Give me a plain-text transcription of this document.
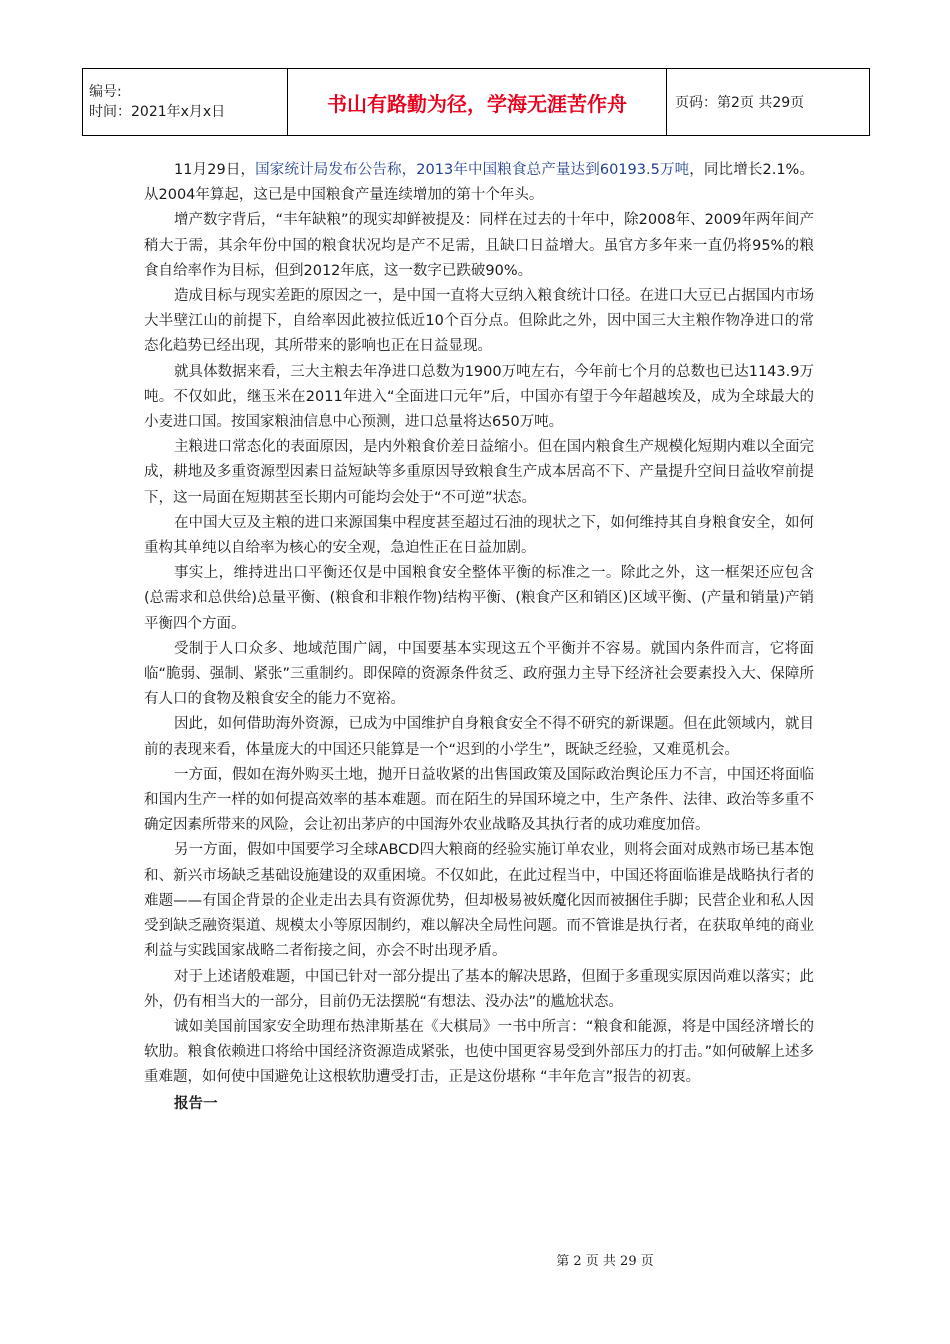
编号:
时间：2021年x月x日	书山有路勤为径，学海无涯苦作舟	页码：第2页 共29页

11月29日，国家统计局发布公告称，2013年中国粮食总产量达到60193.5万吨，同比增长2.1%。从2004年算起，这已是中国粮食产量连续增加的第十个年头。

增产数字背后，“丰年缺粮”的现实却鲜被提及：同样在过去的十年中，除2008年、2009年两年间产稍大于需，其余年份中国的粮食状况均是产不足需，且缺口日益增大。虽官方多年来一直仍将95%的粮食自给率作为目标，但到2012年底，这一数字已跌破90%。

造成目标与现实差距的原因之一，是中国一直将大豆纳入粮食统计口径。在进口大豆已占据国内市场大半壁江山的前提下，自给率因此被拉低近10个百分点。但除此之外，因中国三大主粮作物净进口的常态化趋势已经出现，其所带来的影响也正在日益显现。

就具体数据来看，三大主粮去年净进口总数为1900万吨左右，今年前七个月的总数也已达1143.9万吨。不仅如此，继玉米在2011年进入“全面进口元年”后，中国亦有望于今年超越埃及，成为全球最大的小麦进口国。按国家粮油信息中心预测，进口总量将达650万吨。

主粮进口常态化的表面原因，是内外粮食价差日益缩小。但在国内粮食生产规模化短期内难以全面完成，耕地及多重资源型因素日益短缺等多重原因导致粮食生产成本居高不下、产量提升空间日益收窄前提下，这一局面在短期甚至长期内可能均会处于“不可逆”状态。

在中国大豆及主粮的进口来源国集中程度甚至超过石油的现状之下，如何维持其自身粮食安全，如何重构其单纯以自给率为核心的安全观，急迫性正在日益加剧。

事实上，维持进出口平衡还仅是中国粮食安全整体平衡的标准之一。除此之外，这一框架还应包含(总需求和总供给)总量平衡、(粮食和非粮作物)结构平衡、(粮食产区和销区)区域平衡、(产量和销量)产销平衡四个方面。

受制于人口众多、地域范围广阔，中国要基本实现这五个平衡并不容易。就国内条件而言，它将面临“脆弱、强制、紧张”三重制约。即保障的资源条件贫乏、政府强力主导下经济社会要素投入大、保障所有人口的食物及粮食安全的能力不宽裕。

因此，如何借助海外资源，已成为中国维护自身粮食安全不得不研究的新课题。但在此领域内，就目前的表现来看，体量庞大的中国还只能算是一个“迟到的小学生”，既缺乏经验，又难觅机会。

一方面，假如在海外购买土地，抛开日益收紧的出售国政策及国际政治舆论压力不言，中国还将面临和国内生产一样的如何提高效率的基本难题。而在陌生的异国环境之中，生产条件、法律、政治等多重不确定因素所带来的风险，会让初出茅庐的中国海外农业战略及其执行者的成功难度加倍。

另一方面，假如中国要学习全球ABCD四大粮商的经验实施订单农业，则将会面对成熟市场已基本饱和、新兴市场缺乏基础设施建设的双重困境。不仅如此，在此过程当中，中国还将面临谁是战略执行者的难题——有国企背景的企业走出去具有资源优势，但却极易被妖魔化因而被捆住手脚；民营企业和私人因受到缺乏融资渠道、规模太小等原因制约，难以解决全局性问题。而不管谁是执行者，在获取单纯的商业利益与实践国家战略二者衔接之间，亦会不时出现矛盾。

对于上述诸般难题，中国已针对一部分提出了基本的解决思路，但囿于多重现实原因尚难以落实；此外，仍有相当大的一部分，目前仍无法摆脱“有想法、没办法”的尴尬状态。

诚如美国前国家安全助理布热津斯基在《大棋局》一书中所言：“粮食和能源，将是中国经济增长的软肋。粮食依赖进口将给中国经济资源造成紧张，也使中国更容易受到外部压力的打击。”如何破解上述多重难题，如何使中国避免让这根软肋遭受打击，正是这份堪称 “丰年危言”报告的初衷。

报告一

第 2 页 共 29 页
